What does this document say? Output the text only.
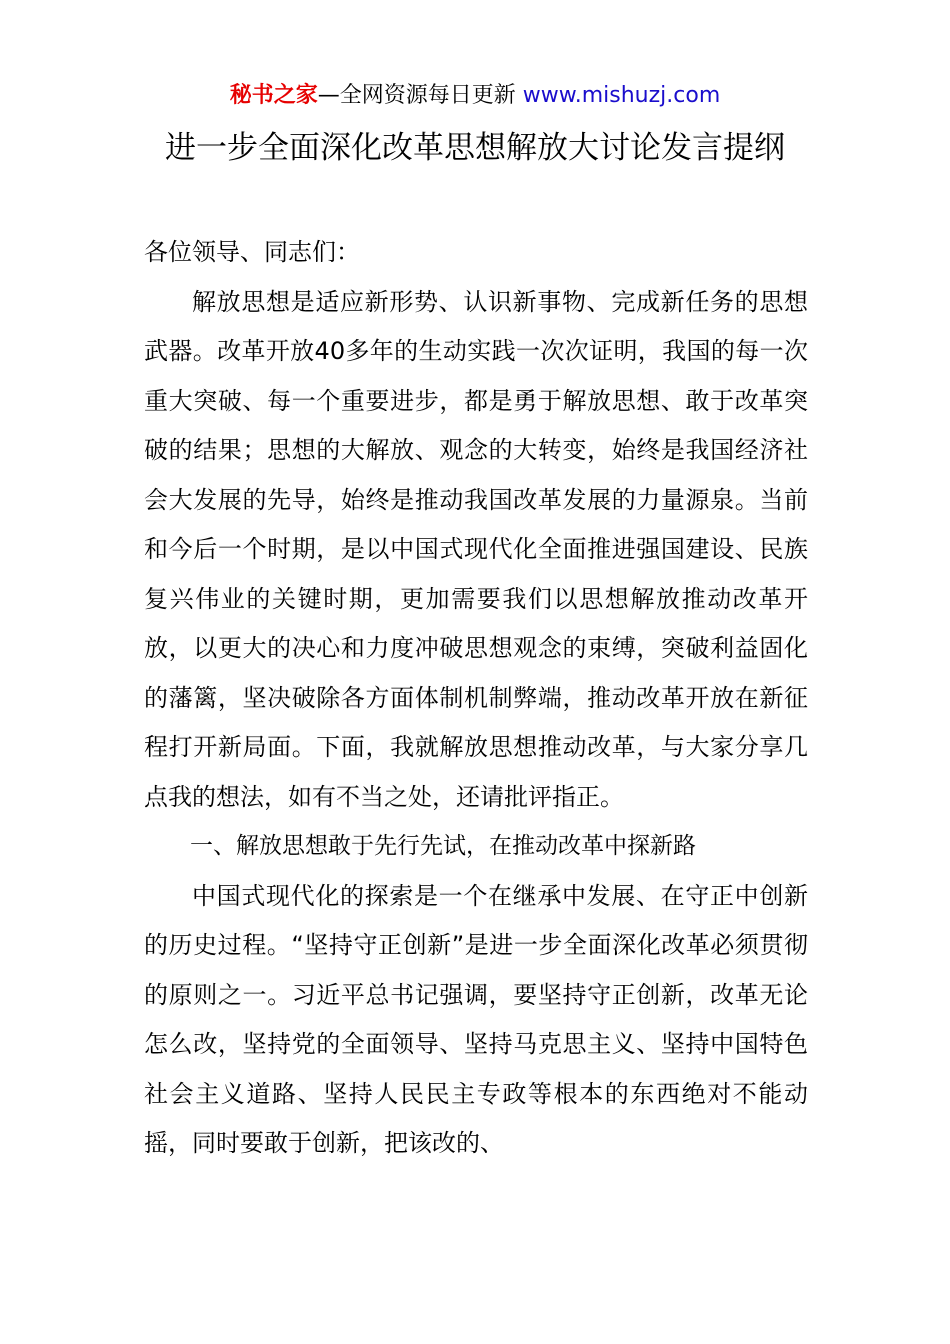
秘书之家—全网资源每日更新 www.mishuzj.com
进一步全面深化改革思想解放大讨论发言提纲

各位领导、同志们：

解放思想是适应新形势、认识新事物、完成新任务的思想武器。改革开放40多年的生动实践一次次证明，我国的每一次重大突破、每一个重要进步，都是勇于解放思想、敢于改革突破的结果；思想的大解放、观念的大转变，始终是我国经济社会大发展的先导，始终是推动我国改革发展的力量源泉。当前和今后一个时期，是以中国式现代化全面推进强国建设、民族复兴伟业的关键时期，更加需要我们以思想解放推动改革开放，以更大的决心和力度冲破思想观念的束缚，突破利益固化的藩篱，坚决破除各方面体制机制弊端，推动改革开放在新征程打开新局面。下面，我就解放思想推动改革，与大家分享几点我的想法，如有不当之处，还请批评指正。

一、解放思想敢于先行先试，在推动改革中探新路

中国式现代化的探索是一个在继承中发展、在守正中创新的历史过程。“坚持守正创新”是进一步全面深化改革必须贯彻的原则之一。习近平总书记强调，要坚持守正创新，改革无论怎么改，坚持党的全面领导、坚持马克思主义、坚持中国特色社会主义道路、坚持人民民主专政等根本的东西绝对不能动摇，同时要敢于创新，把该改的、
